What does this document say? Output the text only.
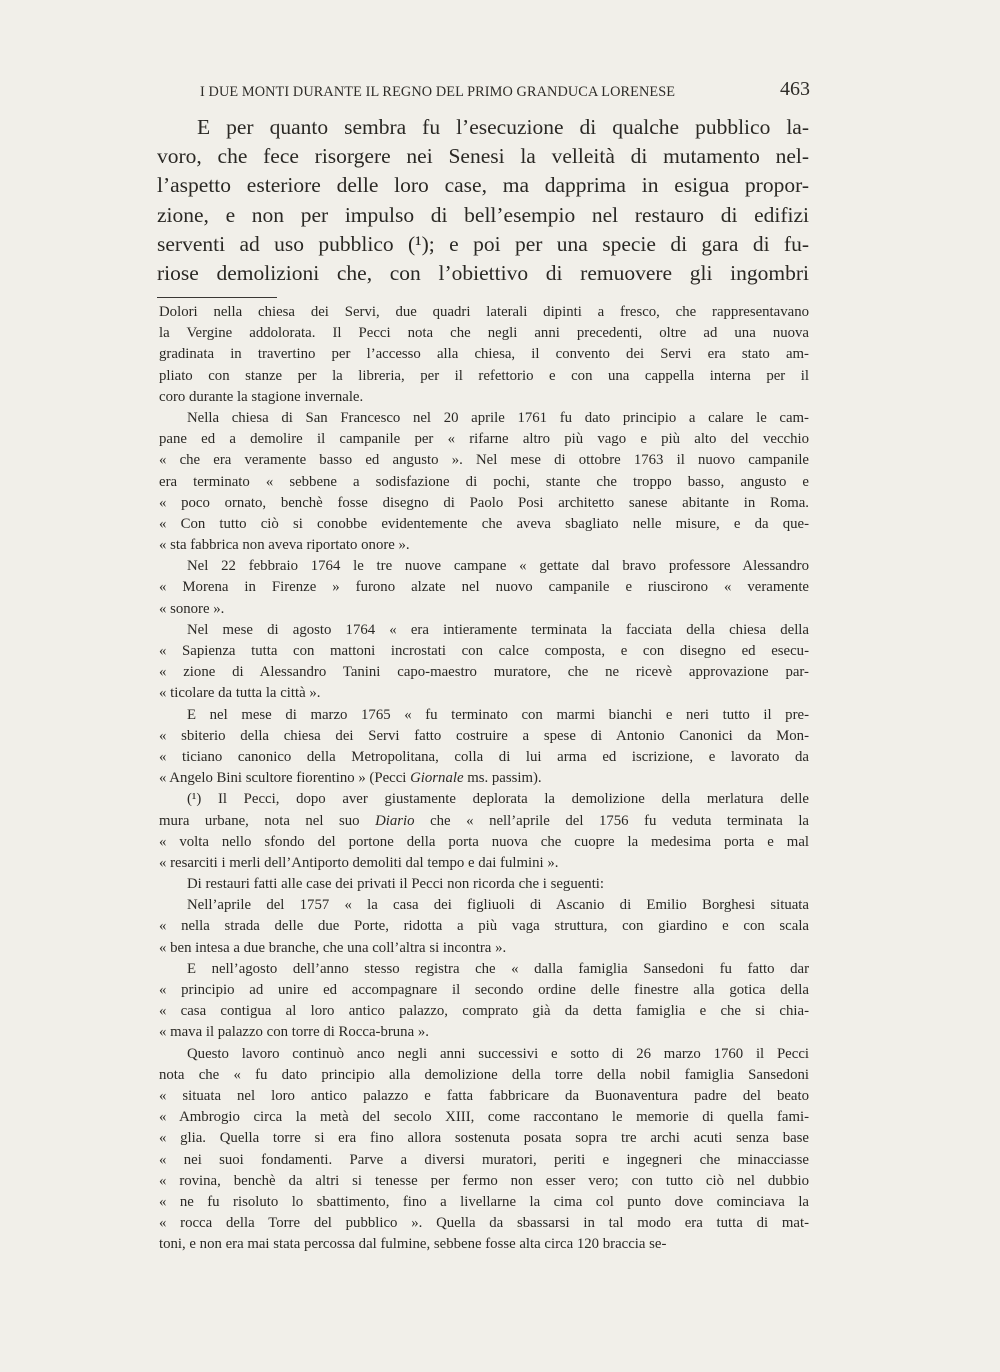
I DUE MONTI DURANTE IL REGNO DEL PRIMO GRANDUCA LORENESE	463
E per quanto sembra fu l’esecuzione di qualche pubblico la-
voro, che fece risorgere nei Senesi la velleità di mutamento nel-
l’aspetto esteriore delle loro case, ma dapprima in esigua propor-
zione, e non per impulso di bell’esempio nel restauro di edifizi
serventi ad uso pubblico (¹); e poi per una specie di gara di fu-
riose demolizioni che, con l’obiettivo di remuovere gli ingombri
Dolori nella chiesa dei Servi, due quadri laterali dipinti a fresco, che rappresentavano
la Vergine addolorata. Il Pecci nota che negli anni precedenti, oltre ad una nuova
gradinata in travertino per l’accesso alla chiesa, il convento dei Servi era stato am-
pliato con stanze per la libreria, per il refettorio e con una cappella interna per il
coro durante la stagione invernale.
Nella chiesa di San Francesco nel 20 aprile 1761 fu dato principio a calare le cam-
pane ed a demolire il campanile per « rifarne altro più vago e più alto del vecchio
« che era veramente basso ed angusto ». Nel mese di ottobre 1763 il nuovo campanile
era terminato « sebbene a sodisfazione di pochi, stante che troppo basso, angusto e
« poco ornato, benchè fosse disegno di Paolo Posi architetto sanese abitante in Roma.
« Con tutto ciò si conobbe evidentemente che aveva sbagliato nelle misure, e da que-
« sta fabbrica non aveva riportato onore ».
Nel 22 febbraio 1764 le tre nuove campane « gettate dal bravo professore Alessandro
« Morena in Firenze » furono alzate nel nuovo campanile e riuscirono « veramente
« sonore ».
Nel mese di agosto 1764 « era intieramente terminata la facciata della chiesa della
« Sapienza tutta con mattoni incrostati con calce composta, e con disegno ed esecu-
« zione di Alessandro Tanini capo-maestro muratore, che ne ricevè approvazione par-
« ticolare da tutta la città ».
E nel mese di marzo 1765 « fu terminato con marmi bianchi e neri tutto il pre-
« sbiterio della chiesa dei Servi fatto costruire a spese di Antonio Canonici da Mon-
« ticiano canonico della Metropolitana, colla di lui arma ed iscrizione, e lavorato da
« Angelo Bini scultore fiorentino » (Pecci Giornale ms. passim).
(¹) Il Pecci, dopo aver giustamente deplorata la demolizione della merlatura delle
mura urbane, nota nel suo Diario che « nell’aprile del 1756 fu veduta terminata la
« volta nello sfondo del portone della porta nuova che cuopre la medesima porta e mal
« resarciti i merli dell’Antiporto demoliti dal tempo e dai fulmini ».
Di restauri fatti alle case dei privati il Pecci non ricorda che i seguenti:
Nell’aprile del 1757 « la casa dei figliuoli di Ascanio di Emilio Borghesi situata
« nella strada delle due Porte, ridotta a più vaga struttura, con giardino e con scala
« ben intesa a due branche, che una coll’altra si incontra ».
E nell’agosto dell’anno stesso registra che « dalla famiglia Sansedoni fu fatto dar
« principio ad unire ed accompagnare il secondo ordine delle finestre alla gotica della
« casa contigua al loro antico palazzo, comprato già da detta famiglia e che si chia-
« mava il palazzo con torre di Rocca-bruna ».
Questo lavoro continuò anco negli anni successivi e sotto di 26 marzo 1760 il Pecci
nota che « fu dato principio alla demolizione della torre della nobil famiglia Sansedoni
« situata nel loro antico palazzo e fatta fabbricare da Buonaventura padre del beato
« Ambrogio circa la metà del secolo XIII, come raccontano le memorie di quella fami-
« glia. Quella torre si era fino allora sostenuta posata sopra tre archi acuti senza base
« nei suoi fondamenti. Parve a diversi muratori, periti e ingegneri che minacciasse
« rovina, benchè da altri si tenesse per fermo non esser vero; con tutto ciò nel dubbio
« ne fu risoluto lo sbattimento, fino a livellarne la cima col punto dove cominciava la
« rocca della Torre del pubblico ». Quella da sbassarsi in tal modo era tutta di mat-
toni, e non era mai stata percossa dal fulmine, sebbene fosse alta circa 120 braccia se-
